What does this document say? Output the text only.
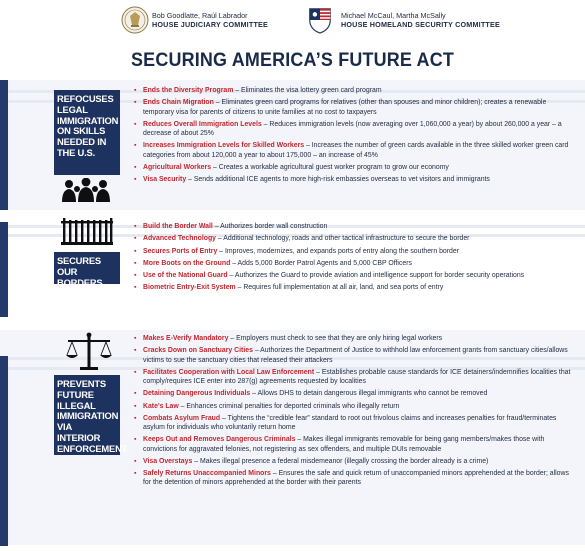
Bob Goodlatte, Raúl Labrador
HOUSE JUDICIARY COMMITTEE
Michael McCaul, Martha McSally
HOUSE HOMELAND SECURITY COMMITTEE
SECURING AMERICA’S FUTURE ACT
REFOCUSES LEGAL IMMIGRATION ON SKILLS NEEDED IN THE U.S.
▪ Ends the Diversity Program – Eliminates the visa lottery green card program
▪ Ends Chain Migration – Eliminates green card programs for relatives (other than spouses and minor children); creates a renewable temporary visa for parents of citizens to unite families at no cost to taxpayers
▪ Reduces Overall Immigration Levels – Reduces immigration levels (now averaging over 1,060,000 a year) by about 260,000 a year – a decrease of about 25%
▪ Increases Immigration Levels for Skilled Workers – Increases the number of green cards available in the three skilled worker green card categories from about 120,000 a year to about 175,000 – an increase of 45%
▪ Agricultural Workers – Creates a workable agricultural guest worker program to grow our economy
▪ Visa Security – Sends additional ICE agents to more high-risk embassies overseas to vet visitors and immigrants
SECURES OUR BORDERS
▪ Build the Border Wall – Authorizes border wall construction
▪ Advanced Technology – Additional technology, roads and other tactical infrastructure to secure the border
▪ Secures Ports of Entry – Improves, modernizes, and expands ports of entry along the southern border
▪ More Boots on the Ground – Adds 5,000 Border Patrol Agents and 5,000 CBP Officers
▪ Use of the National Guard – Authorizes the Guard to provide aviation and intelligence support for border security operations
▪ Biometric Entry-Exit System – Requires full implementation at all air, land, and sea ports of entry
PREVENTS FUTURE ILLEGAL IMMIGRATION VIA INTERIOR ENFORCEMENT
▪ Makes E-Verify Mandatory – Employers must check to see that they are only hiring legal workers
▪ Cracks Down on Sanctuary Cities – Authorizes the Department of Justice to withhold law enforcement grants from sanctuary cities/allows victims to sue the sanctuary cities that released their attackers
▪ Facilitates Cooperation with Local Law Enforcement – Establishes probable cause standards for ICE detainers/indemnifies localities that comply/requires ICE enter into 287(g) agreements requested by localities
▪ Detaining Dangerous Individuals – Allows DHS to detain dangerous illegal immigrants who cannot be removed
▪ Kate’s Law – Enhances criminal penalties for deported criminals who illegally return
▪ Combats Asylum Fraud – Tightens the “credible fear” standard to root out frivolous claims and increases penalties for fraud/terminates asylum for individuals who voluntarily return home
▪ Keeps Out and Removes Dangerous Criminals – Makes illegal immigrants removable for being gang members/makes those with convictions for aggravated felonies, not registering as sex offenders, and multiple DUIs removable
▪ Visa Overstays – Makes illegal presence a federal misdemeanor (illegally crossing the border already is a crime)
▪ Safely Returns Unaccompanied Minors – Ensures the safe and quick return of unaccompanied minors apprehended at the border; allows for the detention of minors apprehended at the border with their parents
